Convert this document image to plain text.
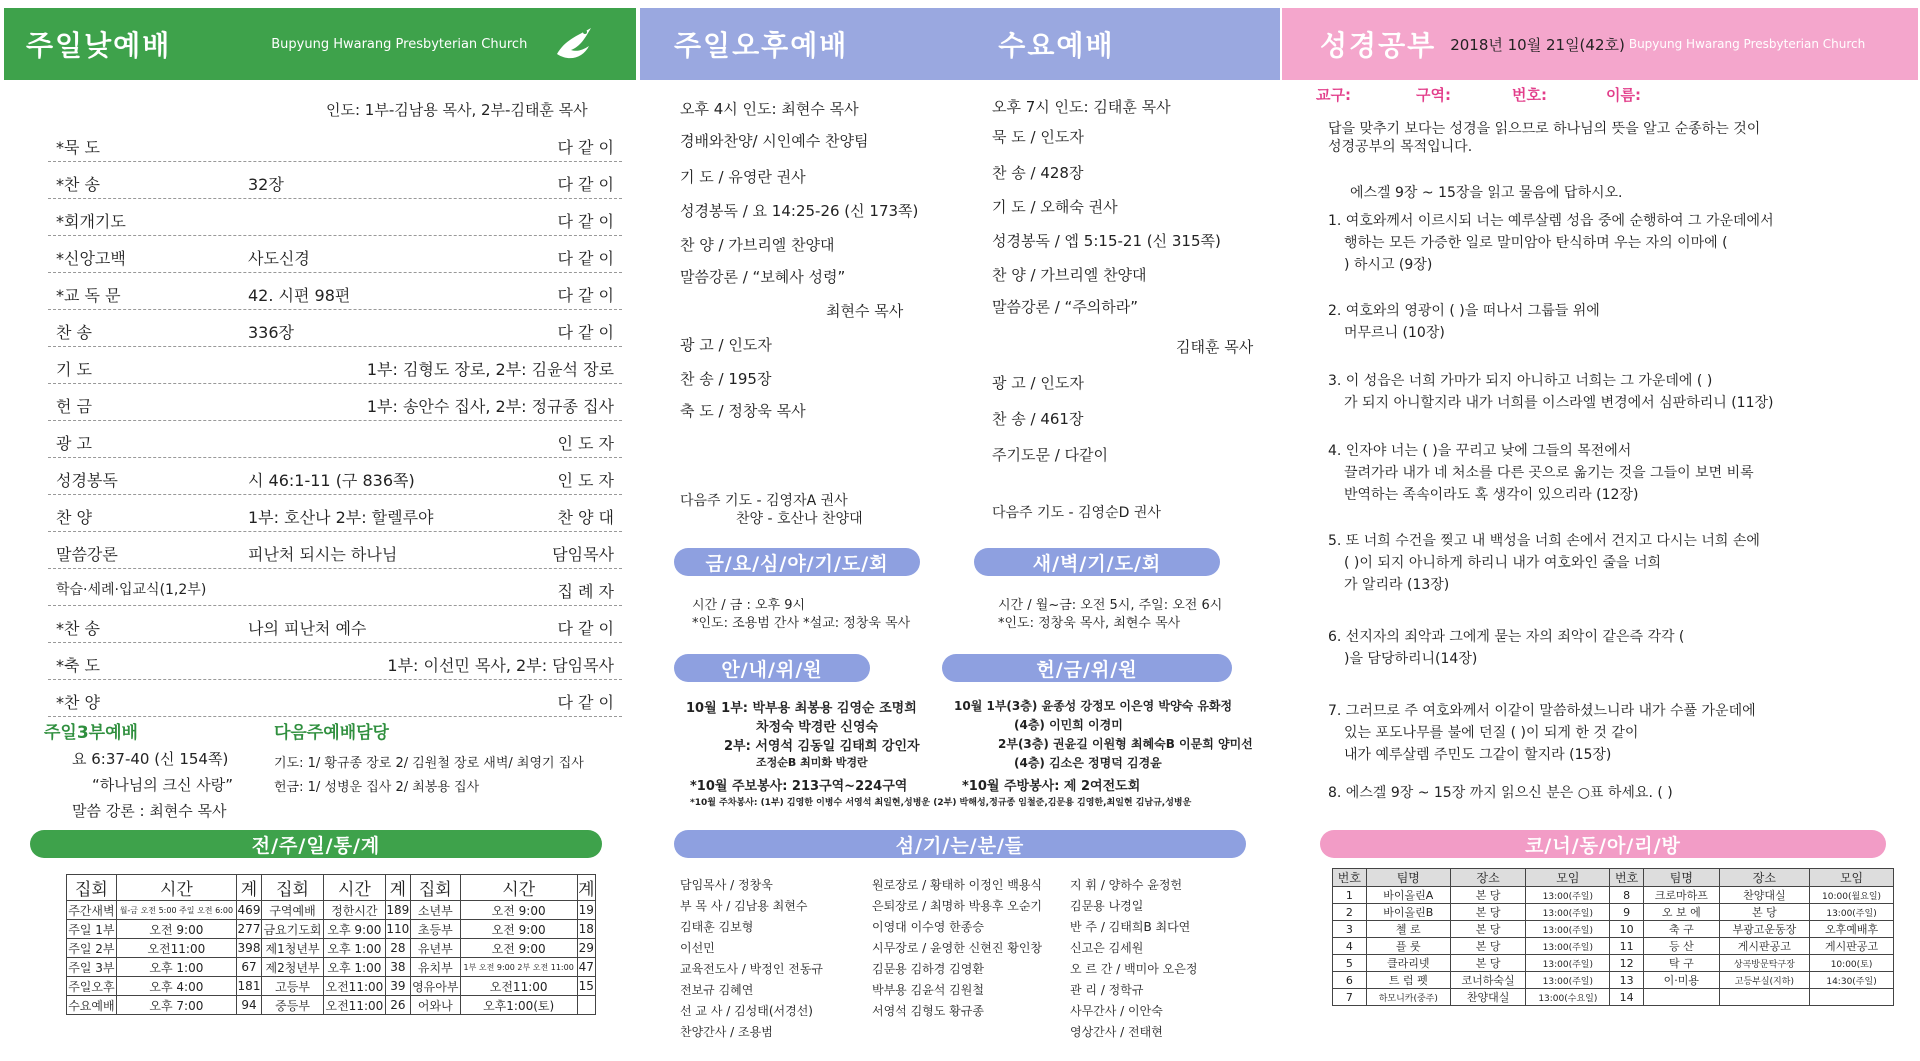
주일낮예배	Bupyung Hwarang Presbyterian Church
인도: 1부-김남용 목사, 2부-김태훈 목사
*묵 도	다 같 이
*찬 송	32장	다 같 이
*회개기도	다 같 이
*신앙고백	사도신경	다 같 이
*교 독 문	42. 시편 98편	다 같 이
찬 송	336장	다 같 이
기 도	1부: 김형도 장로, 2부: 김윤석 장로
헌 금	1부: 송안수 집사, 2부: 정규종 집사
광 고	인 도 자
성경봉독	시 46:1-11 (구 836쪽)	인 도 자
찬 양	1부: 호산나 2부: 할렐루야	찬 양 대
말씀강론	피난처 되시는 하나님	담임목사
학습·세례·입교식(1,2부)	집 례 자
*찬 송	나의 피난처 예수	다 같 이
*축 도	1부: 이선민 목사, 2부: 담임목사
*찬 양	다 같 이
주일3부예배
요 6:37-40 (신 154쪽)
“하나님의 크신 사랑”
말씀 강론 : 최현수 목사
다음주예배담당
기도: 1/ 황규종 장로 2/ 김원철 장로 새벽/ 최영기 집사
헌금: 1/ 성병운 집사 2/ 최봉용 집사
전/주/일/통/계
집회	시간	계	집회	시간	계	집회	시간	계
주간새벽	월-금 오전 5:00 주일 오전 6:00	469	구역예배	정한시간	189	소년부	오전 9:00	19
주일 1부	오전 9:00	277	금요기도회	오후 9:00	110	초등부	오전 9:00	18
주일 2부	오전11:00	398	제1청년부	오후 1:00	28	유년부	오전 9:00	29
주일 3부	오후 1:00	67	제2청년부	오후 1:00	38	유치부	1부 오전 9:00 2부 오전 11:00	47
주일오후	오후 4:00	181	고등부	오전11:00	39	영유아부	오전11:00	15
수요예배	오후 7:00	94	중등부	오전11:00	26	어와나	오후1:00(토)	
주일오후예배	수요예배
오후 4시 인도: 최현수 목사
경배와찬양/ 시인예수 찬양팀
기 도 / 유영란 권사
성경봉독 / 요 14:25-26 (신 173쪽)
찬 양 / 가브리엘 찬양대
말씀강론 / “보혜사 성령”
최현수 목사
광 고 / 인도자
찬 송 / 195장
축 도 / 정창욱 목사
다음주 기도 - 김영자A 권사
찬양 - 호산나 찬양대
오후 7시 인도: 김태훈 목사
묵 도 / 인도자
찬 송 / 428장
기 도 / 오해숙 권사
성경봉독 / 엡 5:15-21 (신 315쪽)
찬 양 / 가브리엘 찬양대
말씀강론 / “주의하라”
김태훈 목사
광 고 / 인도자
찬 송 / 461장
주기도문 / 다같이
다음주 기도 - 김영순D 권사
금/요/심/야/기/도/회	새/벽/기/도/회
시간 / 금 : 오후 9시
*인도: 조용범 간사 *설교: 정창욱 목사
시간 / 월~금: 오전 5시, 주일: 오전 6시
*인도: 정창욱 목사, 최현수 목사
안/내/위/원	헌/금/위/원
10월 1부: 박부용 최봉용 김영순 조명희
차정숙 박경란 신영숙
2부: 서영석 김동일 김태희 강인자
조정순B 최미화 박경란
10월 1부(3층) 윤종성 강정모 이은영 박양숙 유화정
(4층) 이민희 이경미
2부(3층) 권윤길 이원형 최혜숙B 이문희 양미선
(4층) 김소은 정명덕 김경윤
*10월 주보봉사: 213구역~224구역	*10월 주방봉사: 제 2여전도회
*10월 주차봉사: (1부) 김영한 이병수 서영석 최일현,성병운 (2부) 박해성,정규종 임철준,김문용 김영한,최일현 김남규,성병운
섬/기/는/분/들
담임목사 / 정창욱
부 목 사 / 김남용 최현수
김태훈 김보형
이선민
교육전도사 / 박정인 전동규
전보규 김혜연
선 교 사 / 김성태(서경선)
찬양간사 / 조용범
원로장로 / 황태하 이정인 백용식
은퇴장로 / 최명하 박용후 오순기
이영대 이수영 한종승
시무장로 / 윤영한 신현진 황인창
김문용 김하경 김영환
박부용 김윤석 김원철
서영석 김형도 황규종
지 휘 / 양하수 윤정헌
김문용 나경일
반 주 / 김태희B 최다연
신고은 김세원
오 르 간 / 백미아 오은정
관 리 / 정학규
사무간사 / 이안숙
영상간사 / 전태현
성경공부 2018년 10월 21일(42호) Bupyung Hwarang Presbyterian Church
교구:	구역:	번호:	이름:
답을 맞추기 보다는 성경을 읽으므로 하나님의 뜻을 알고 순종하는 것이
성경공부의 목적입니다.
에스겔 9장 ~ 15장을 읽고 물음에 답하시오.
1. 여호와께서 이르시되 너는 예루살렘 성읍 중에 순행하여 그 가운데에서
행하는 모든 가증한 일로 말미암아 탄식하며 우는 자의 이마에 (
) 하시고 (9장)
2. 여호와의 영광이 ( )을 떠나서 그룹들 위에
머무르니 (10장)
3. 이 성읍은 너희 가마가 되지 아니하고 너희는 그 가운데에 ( )
가 되지 아니할지라 내가 너희를 이스라엘 변경에서 심판하리니 (11장)
4. 인자야 너는 ( )을 꾸리고 낮에 그들의 목전에서
끌려가라 내가 네 처소를 다른 곳으로 옮기는 것을 그들이 보면 비록
반역하는 족속이라도 혹 생각이 있으리라 (12장)
5. 또 너희 수건을 찢고 내 백성을 너희 손에서 건지고 다시는 너희 손에
( )이 되지 아니하게 하리니 내가 여호와인 줄을 너희
가 알리라 (13장)
6. 선지자의 죄악과 그에게 묻는 자의 죄악이 같은즉 각각 (
)을 담당하리니(14장)
7. 그러므로 주 여호와께서 이같이 말씀하셨느니라 내가 수풀 가운데에
있는 포도나무를 불에 던질 ( )이 되게 한 것 같이
내가 예루살렘 주민도 그같이 할지라 (15장)
8. 에스겔 9장 ~ 15장 까지 읽으신 분은 ○표 하세요. ( )
코/너/동/아/리/방
번호	팀명	장소	모임	번호	팀명	장소	모임
1	바이올린A	본 당	13:00(주일)	8	크로마하프	찬양대실	10:00(월요일)
2	바이올린B	본 당	13:00(주일)	9	오 보 에	본 당	13:00(주일)
3	첼 로	본 당	13:00(주일)	10	축 구	부광고운동장	오후예배후
4	플 룻	본 당	13:00(주일)	11	등 산	게시판공고	게시판공고
5	클라리넷	본 당	13:00(주일)	12	탁 구	상곡방문탁구장	10:00(토)
6	트 럼 펫	코너하숙실	13:00(주일)	13	이·미용	고등부실(지하)	14:30(주일)
7	하모니카(중주)	찬양대실	13:00(수요일)	14			
